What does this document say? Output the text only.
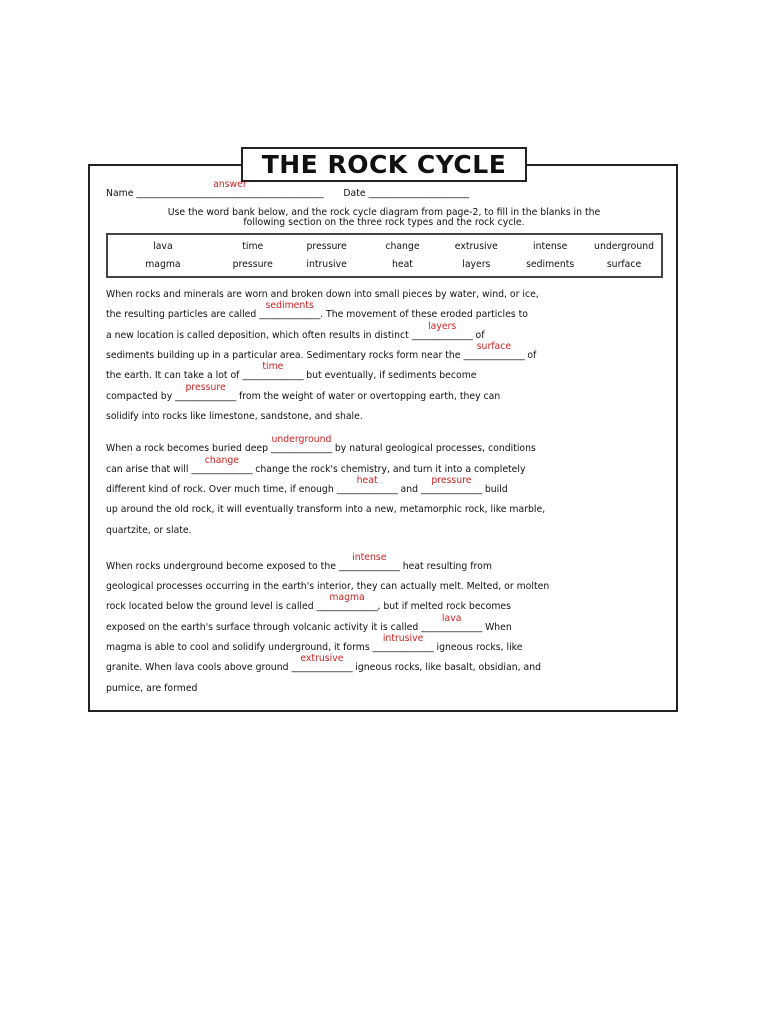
THE ROCK CYCLE
Name ___________________________________________
answer
Date _______________________
Use the word bank below, and the rock cycle diagram from page-2, to fill in the blanks in the
following section on the three rock types and the rock cycle.
lava	time	pressure	change	extrusive	intense	underground
magma	pressure	intrusive	heat	layers	sediments	surface
When rocks and minerals are worn and broken down into small pieces by water, wind, or ice,
the resulting particles are called ______________
sediments
. The movement of these eroded particles to
a new location is called deposition, which often results in distinct ______________
layers
of
sediments building up in a particular area. Sedimentary rocks form near the ______________
surface
of
the earth. It can take a lot of ______________
time
but eventually, if sediments become
compacted by ______________
pressure
from the weight of water or overtopping earth, they can
solidify into rocks like limestone, sandstone, and shale.
When a rock becomes buried deep ______________
underground
by natural geological processes, conditions
can arise that will ______________
change
change the rock's chemistry, and turn it into a completely
different kind of rock. Over much time, if enough ______________
heat
and ______________
pressure
build
up around the old rock, it will eventually transform into a new, metamorphic rock, like marble,
quartzite, or slate.
When rocks underground become exposed to the ______________
intense
heat resulting from
geological processes occurring in the earth's interior, they can actually melt. Melted, or molten
rock located below the ground level is called ______________
magma
, but if melted rock becomes
exposed on the earth's surface through volcanic activity it is called ______________
lava
When
magma is able to cool and solidify underground, it forms ______________
intrusive
igneous rocks, like
granite. When lava cools above ground ______________
extrusive
igneous rocks, like basalt, obsidian, and
pumice, are formed
